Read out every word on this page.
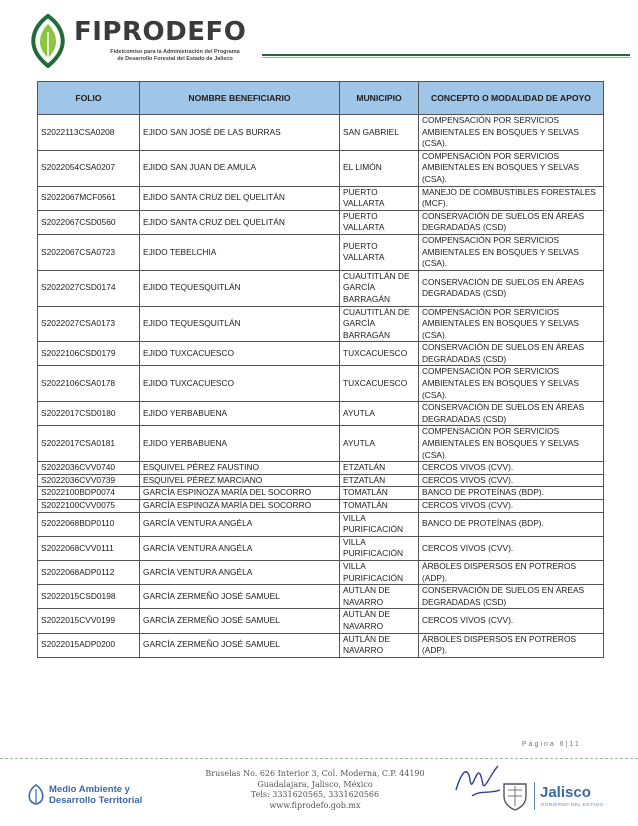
FIPRODEFO
Fideicomiso para la Administración del Programa
de Desarrollo Forestal del Estado de Jalisco
FOLIO	NOMBRE BENEFICIARIO	MUNICIPIO	CONCEPTO O MODALIDAD DE APOYO
S2022113CSA0208	EJIDO SAN JOSÉ DE LAS BURRAS	SAN GABRIEL	COMPENSACIÓN POR SERVICIOS AMBIENTALES EN BOSQUES Y SELVAS (CSA).
S2022054CSA0207	EJIDO SAN JUAN DE AMULA	EL LIMÓN	COMPENSACIÓN POR SERVICIOS AMBIENTALES EN BOSQUES Y SELVAS (CSA).
S2022067MCF0561	EJIDO SANTA CRUZ DEL QUELITÁN	PUERTO VALLARTA	MANEJO DE COMBUSTIBLES FORESTALES (MCF).
S2022067CSD0560	EJIDO SANTA CRUZ DEL QUELITÁN	PUERTO VALLARTA	CONSERVACIÓN DE SUELOS EN ÁREAS DEGRADADAS (CSD)
S2022067CSA0723	EJIDO TEBELCHIA	PUERTO VALLARTA	COMPENSACIÓN POR SERVICIOS AMBIENTALES EN BOSQUES Y SELVAS (CSA).
S2022027CSD0174	EJIDO TEQUESQUITLÁN	CUAUTITLÁN DE GARCÍA BARRAGÁN	CONSERVACIÓN DE SUELOS EN ÁREAS DEGRADADAS (CSD)
S2022027CSA0173	EJIDO TEQUESQUITLÁN	CUAUTITLÁN DE GARCÍA BARRAGÁN	COMPENSACIÓN POR SERVICIOS AMBIENTALES EN BOSQUES Y SELVAS (CSA).
S2022106CSD0179	EJIDO TUXCACUESCO	TUXCACUESCO	CONSERVACIÓN DE SUELOS EN ÁREAS DEGRADADAS (CSD)
S2022106CSA0178	EJIDO TUXCACUESCO	TUXCACUESCO	COMPENSACIÓN POR SERVICIOS AMBIENTALES EN BOSQUES Y SELVAS (CSA).
S2022017CSD0180	EJIDO YERBABUENA	AYUTLA	CONSERVACIÓN DE SUELOS EN ÁREAS DEGRADADAS (CSD)
S2022017CSA0181	EJIDO YERBABUENA	AYUTLA	COMPENSACIÓN POR SERVICIOS AMBIENTALES EN BOSQUES Y SELVAS (CSA).
S2022036CVV0740	ESQUIVEL PÉREZ FAUSTINO	ETZATLÁN	CERCOS VIVOS (CVV).
S2022036CVV0739	ESQUIVEL PÉREZ MARCIANO	ETZATLÁN	CERCOS VIVOS (CVV).
S2022100BDP0074	GARCÍA ESPINOZA MARÍA DEL SOCORRO	TOMATLÁN	BANCO DE PROTEÍNAS (BDP).
S2022100CVV0075	GARCÍA ESPINOZA MARÍA DEL SOCORRO	TOMATLÁN	CERCOS VIVOS (CVV).
S2022068BDP0110	GARCÍA VENTURA ANGÉLA	VILLA PURIFICACIÓN	BANCO DE PROTEÍNAS (BDP).
S2022068CVV0111	GARCÍA VENTURA ANGÉLA	VILLA PURIFICACIÓN	CERCOS VIVOS (CVV).
S2022068ADP0112	GARCÍA VENTURA ANGÉLA	VILLA PURIFICACIÓN	ÁRBOLES DISPERSOS EN POTREROS (ADP).
S2022015CSD0198	GARCÍA ZERMEÑO JOSÉ SAMUEL	AUTLÁN DE NAVARRO	CONSERVACIÓN DE SUELOS EN ÁREAS DEGRADADAS (CSD)
S2022015CVV0199	GARCÍA ZERMEÑO JOSÉ SAMUEL	AUTLÁN DE NAVARRO	CERCOS VIVOS (CVV).
S2022015ADP0200	GARCÍA ZERMEÑO JOSÉ SAMUEL	AUTLÁN DE NAVARRO	ÁRBOLES DISPERSOS EN POTREROS (ADP).
Página 6|11
Medio Ambiente y
Desarrollo Territorial
Bruselas No. 626 Interior 3, Col. Moderna, C.P. 44190
Guadalajara, Jalisco, México
Tels: 3331620565, 3331620566
www.fiprodefo.gob.mx
Jalisco
GOBIERNO DEL ESTADO
